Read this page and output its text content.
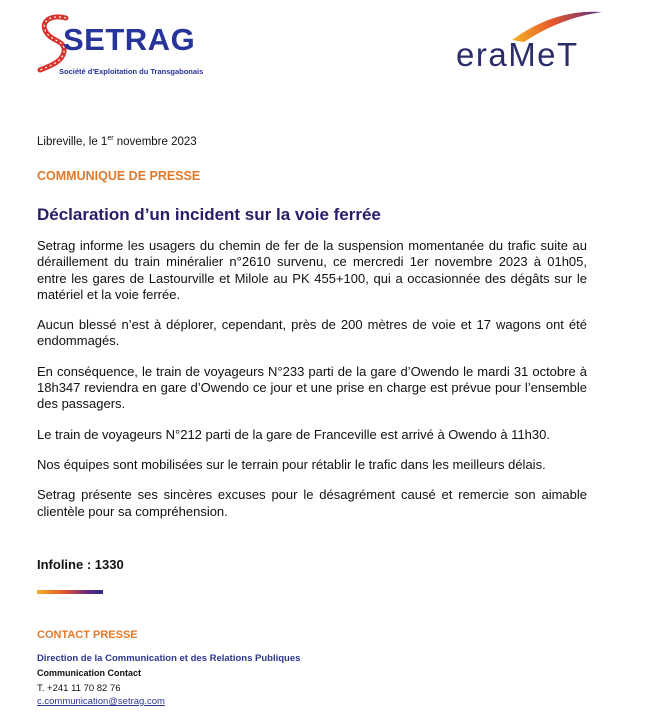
SETRAG
Société d'Exploitation du Transgabonais	eraMeT
Libreville, le 1er novembre 2023
COMMUNIQUE DE PRESSE
Déclaration d’un incident sur la voie ferrée

Setrag informe les usagers du chemin de fer de la suspension momentanée du trafic suite au déraillement du train minéralier n°2610 survenu, ce mercredi 1er novembre 2023 à 01h05, entre les gares de Lastourville et Milole au PK 455+100, qui a occasionnée des dégâts sur le matériel et la voie ferrée.

Aucun blessé n’est à déplorer, cependant, près de 200 mètres de voie et 17 wagons ont été endommagés.

En conséquence, le train de voyageurs N°233 parti de la gare d’Owendo le mardi 31 octobre à 18h347 reviendra en gare d’Owendo ce jour et une prise en charge est prévue pour l’ensemble des passagers.

Le train de voyageurs N°212 parti de la gare de Franceville est arrivé à Owendo à 11h30.

Nos équipes sont mobilisées sur le terrain pour rétablir le trafic dans les meilleurs délais.

Setrag présente ses sincères excuses pour le désagrément causé et remercie son aimable clientèle pour sa compréhension.

Infoline : 1330
CONTACT PRESSE
Direction de la Communication et des Relations Publiques
Communication Contact
T. +241 11 70 82 76
c.communication@setrag.com
